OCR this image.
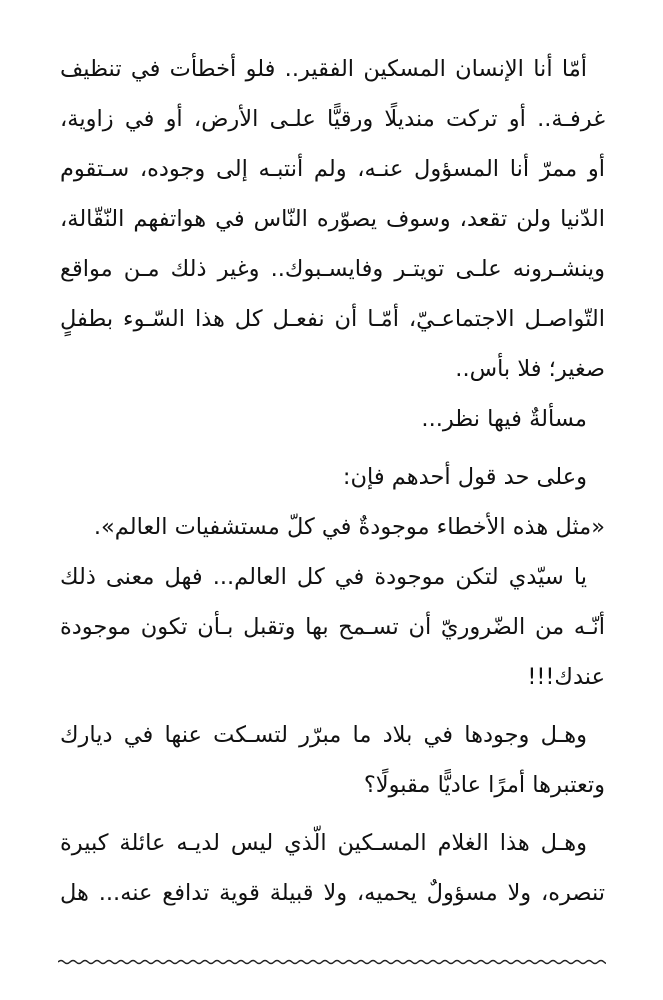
أمّا أنا الإنسان المسكين الفقير.. فلو أخطأت في تنظيف
غرفـة.. أو تركت منديلًا ورقيًّا علـى الأرض، أو في زاوية،
أو ممرّ أنا المسؤول عنـه، ولم أنتبـه إلى وجوده، سـتقوم
الدّنيا ولن تقعد، وسوف يصوّره النّاس في هواتفهم النّقّالة،
وينشـرونه علـى تويتـر وفايسـبوك.. وغير ذلك مـن مواقع
التّواصـل الاجتماعـيّ، أمّـا أن نفعـل كل هذا السّـوء بطفلٍ
صغير؛ فلا بأس..
مسألةٌ فيها نظر...
وعلى حد قول أحدهم فإن:
«مثل هذه الأخطاء موجودةٌ في كلّ مستشفيات العالم».
يا سيّدي لتكن موجودة في كل العالم... فهل معنى ذلك
أنّـه من الضّروريّ أن تسـمح بها وتقبل بـأن تكون موجودة
عندك!!!
وهـل وجودها في بلاد ما مبرّر لتسـكت عنها في ديارك
وتعتبرها أمرًا عاديًّا مقبولًا؟
وهـل هذا الغلام المسـكين الّذي ليس لديـه عائلة كبيرة
تنصره، ولا مسؤولٌ يحميه، ولا قبيلة قوية تدافع عنه... هل
